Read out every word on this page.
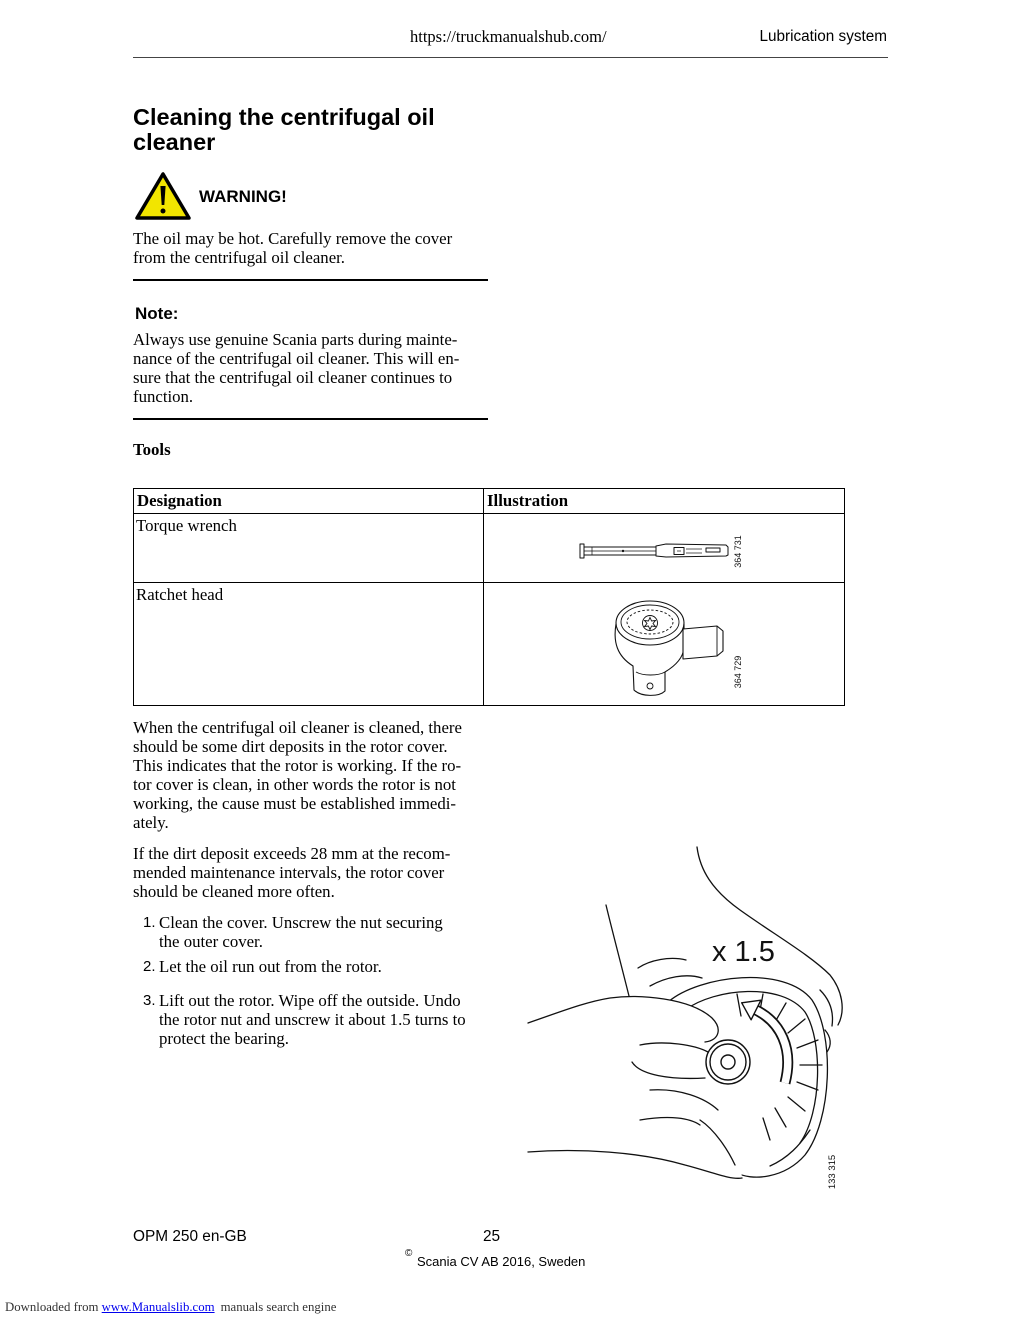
https://truckmanualshub.com/	Lubrication system
Cleaning the centrifugal oil
cleaner
WARNING!
The oil may be hot. Carefully remove the cover
from the centrifugal oil cleaner.
Note:
Always use genuine Scania parts during mainte-
nance of the centrifugal oil cleaner. This will en-
sure that the centrifugal oil cleaner continues to
function.
Tools
Designation	Illustration
Torque wrench
364 731
Ratchet head
364 729
When the centrifugal oil cleaner is cleaned, there
should be some dirt deposits in the rotor cover.
This indicates that the rotor is working. If the ro-
tor cover is clean, in other words the rotor is not
working, the cause must be established immedi-
ately.
If the dirt deposit exceeds 28 mm at the recom-
mended maintenance intervals, the rotor cover
should be cleaned more often.
1. Clean the cover. Unscrew the nut securing
the outer cover.
2. Let the oil run out from the rotor.
3. Lift out the rotor. Wipe off the outside. Undo
the rotor nut and unscrew it about 1.5 turns to
protect the bearing.
x 1.5
133 315
OPM 250 en-GB	25
©
Scania CV AB 2016, Sweden
Downloaded from www.Manualslib.com manuals search engine
